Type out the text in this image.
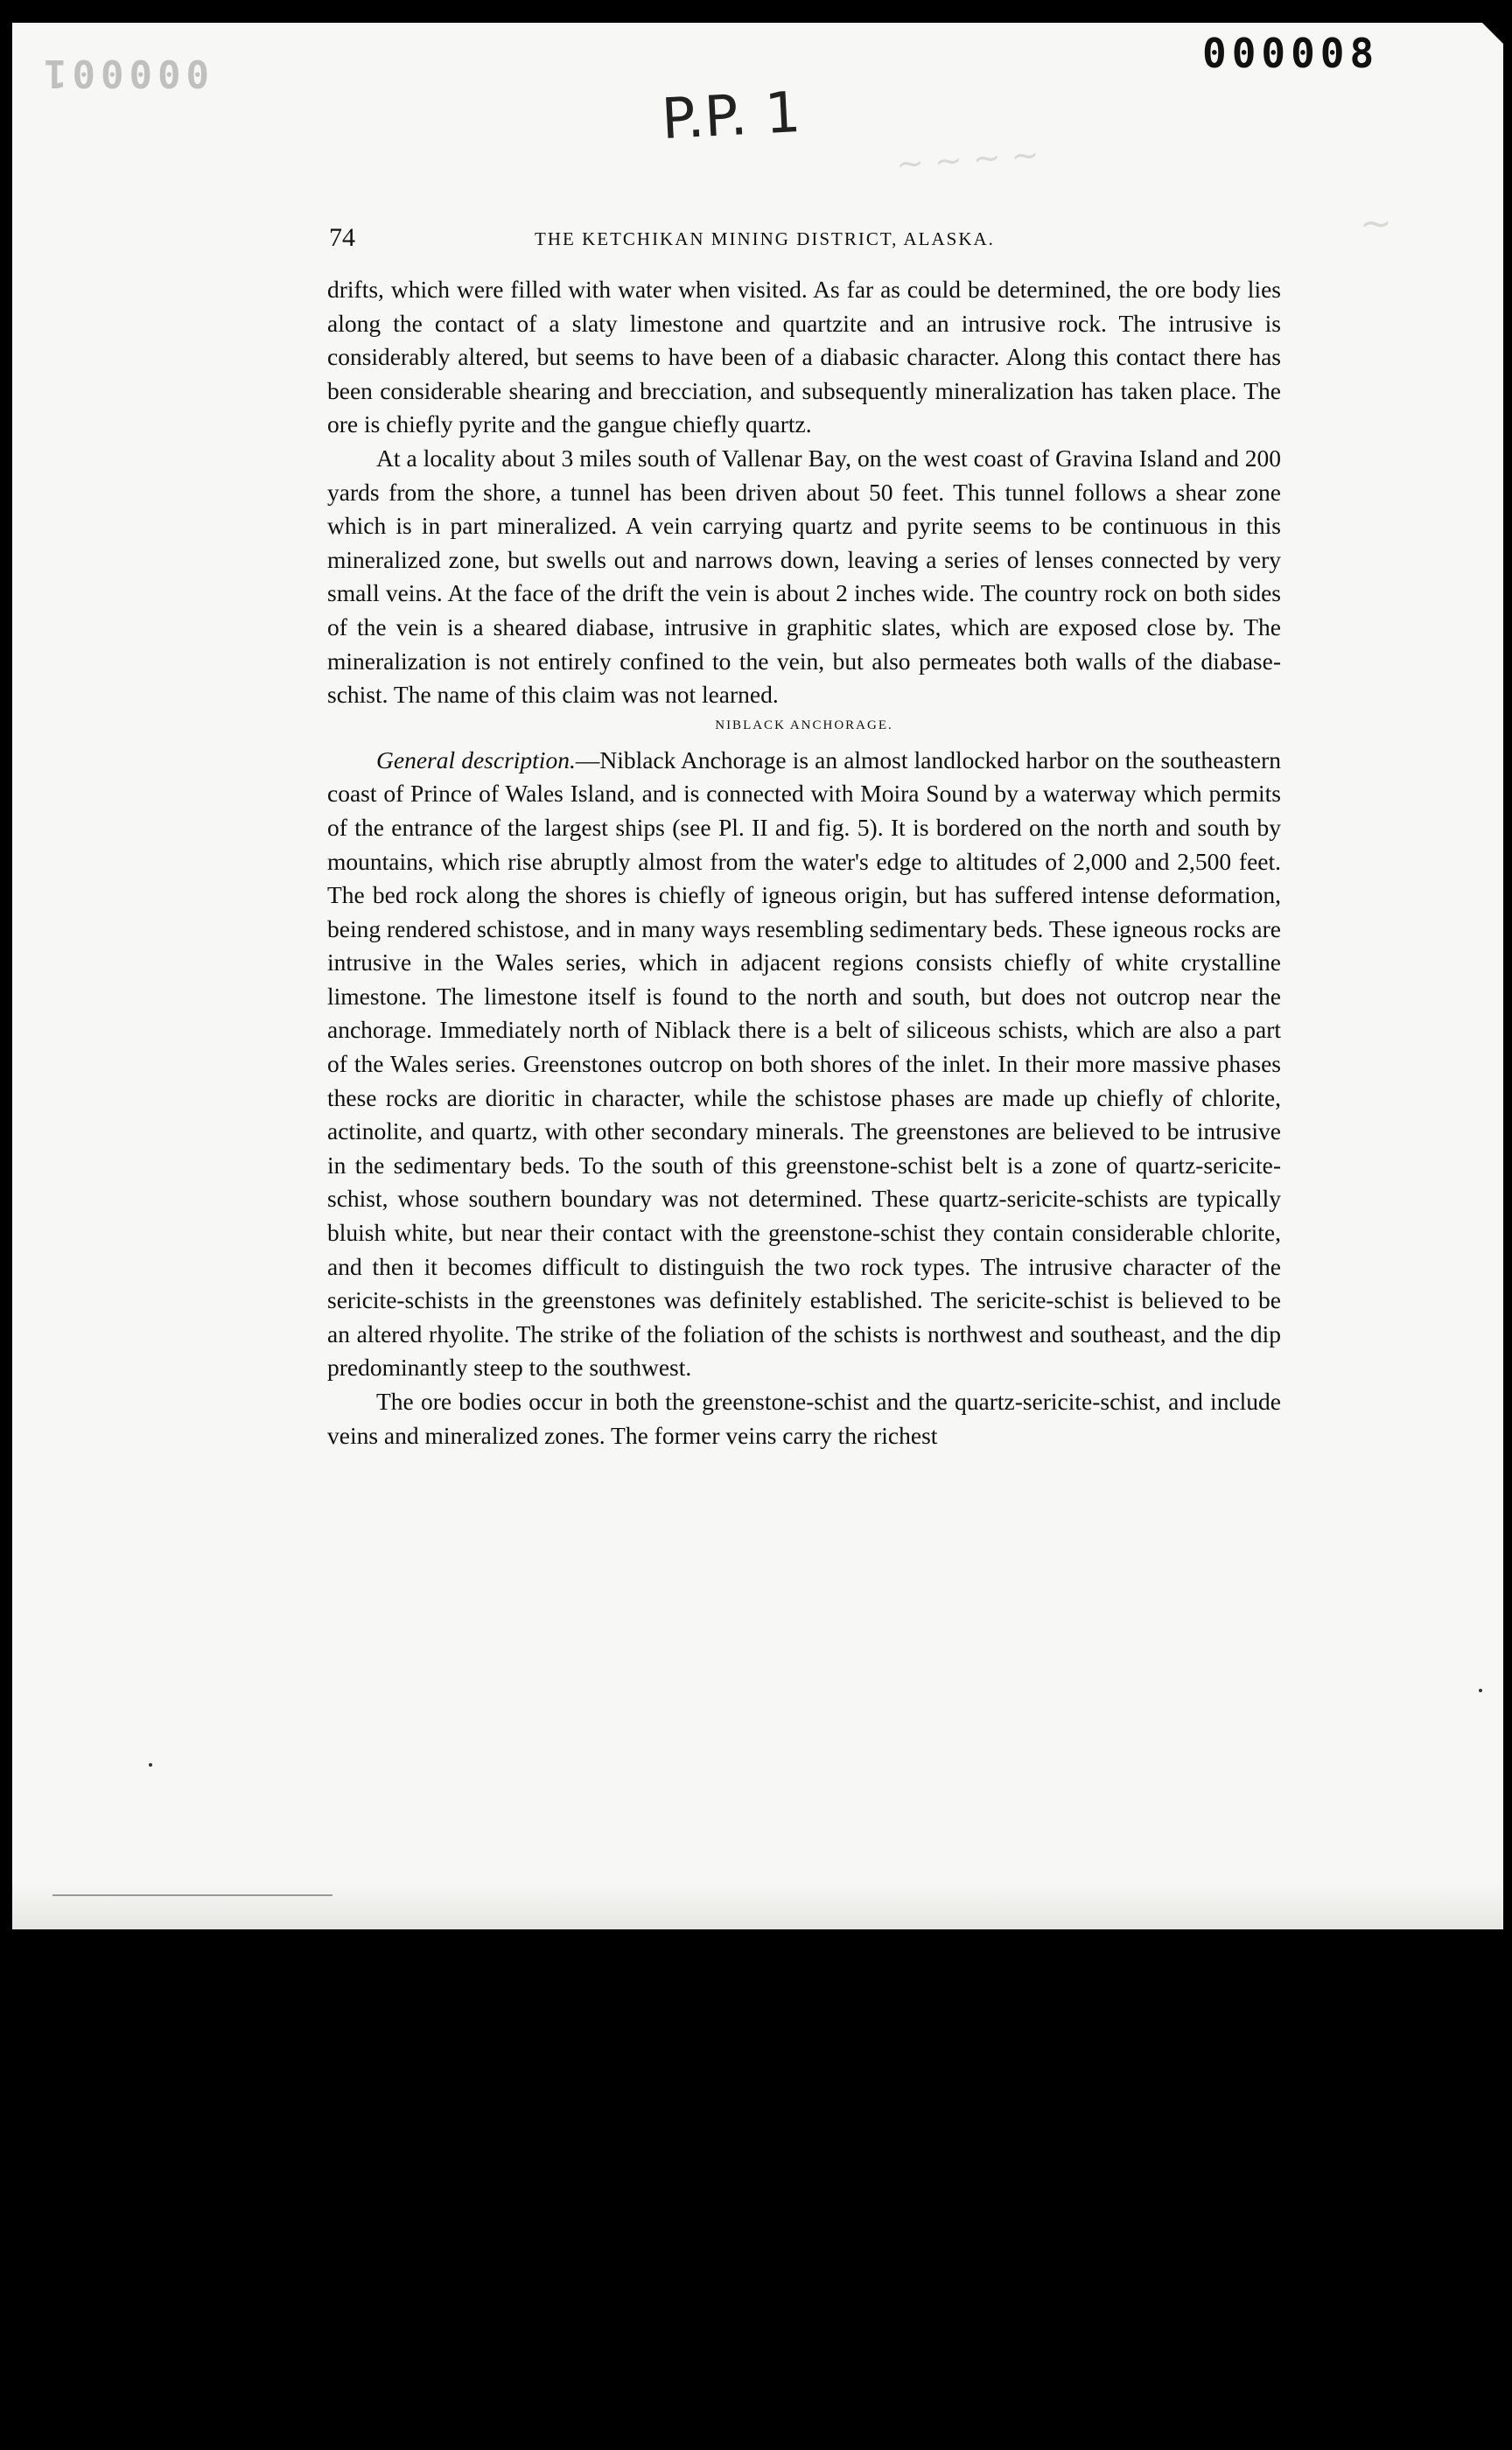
~ ~ ~ ~
~
000008
000001
P.P. 1
74	THE KETCHIKAN MINING DISTRICT, ALASKA.

drifts, which were filled with water when visited. As far as could be determined, the ore body lies along the contact of a slaty limestone and quartzite and an intrusive rock. The intrusive is considerably altered, but seems to have been of a diabasic character. Along this contact there has been considerable shearing and brecciation, and subsequently mineralization has taken place. The ore is chiefly pyrite and the gangue chiefly quartz.

At a locality about 3 miles south of Vallenar Bay, on the west coast of Gravina Island and 200 yards from the shore, a tunnel has been driven about 50 feet. This tunnel follows a shear zone which is in part mineralized. A vein carrying quartz and pyrite seems to be continuous in this mineralized zone, but swells out and narrows down, leaving a series of lenses connected by very small veins. At the face of the drift the vein is about 2 inches wide. The country rock on both sides of the vein is a sheared diabase, intrusive in graphitic slates, which are exposed close by. The mineralization is not entirely confined to the vein, but also permeates both walls of the diabase-schist. The name of this claim was not learned.

NIBLACK ANCHORAGE.

General description.—Niblack Anchorage is an almost landlocked harbor on the southeastern coast of Prince of Wales Island, and is connected with Moira Sound by a waterway which permits of the entrance of the largest ships (see Pl. II and fig. 5). It is bordered on the north and south by mountains, which rise abruptly almost from the water's edge to altitudes of 2,000 and 2,500 feet. The bed rock along the shores is chiefly of igneous origin, but has suffered intense deformation, being rendered schistose, and in many ways resembling sedimentary beds. These igneous rocks are intrusive in the Wales series, which in adjacent regions consists chiefly of white crystalline limestone. The limestone itself is found to the north and south, but does not outcrop near the anchorage. Immediately north of Niblack there is a belt of siliceous schists, which are also a part of the Wales series. Greenstones outcrop on both shores of the inlet. In their more massive phases these rocks are dioritic in character, while the schistose phases are made up chiefly of chlorite, actinolite, and quartz, with other secondary minerals. The greenstones are believed to be intrusive in the sedimentary beds. To the south of this greenstone-schist belt is a zone of quartz-sericite-schist, whose southern boundary was not determined. These quartz-sericite-schists are typically bluish white, but near their contact with the greenstone-schist they contain considerable chlorite, and then it becomes difficult to distinguish the two rock types. The intrusive character of the sericite-schists in the greenstones was definitely established. The sericite-schist is believed to be an altered rhyolite. The strike of the foliation of the schists is northwest and southeast, and the dip predominantly steep to the southwest.

The ore bodies occur in both the greenstone-schist and the quartz-sericite-schist, and include veins and mineralized zones. The former veins carry the richest
